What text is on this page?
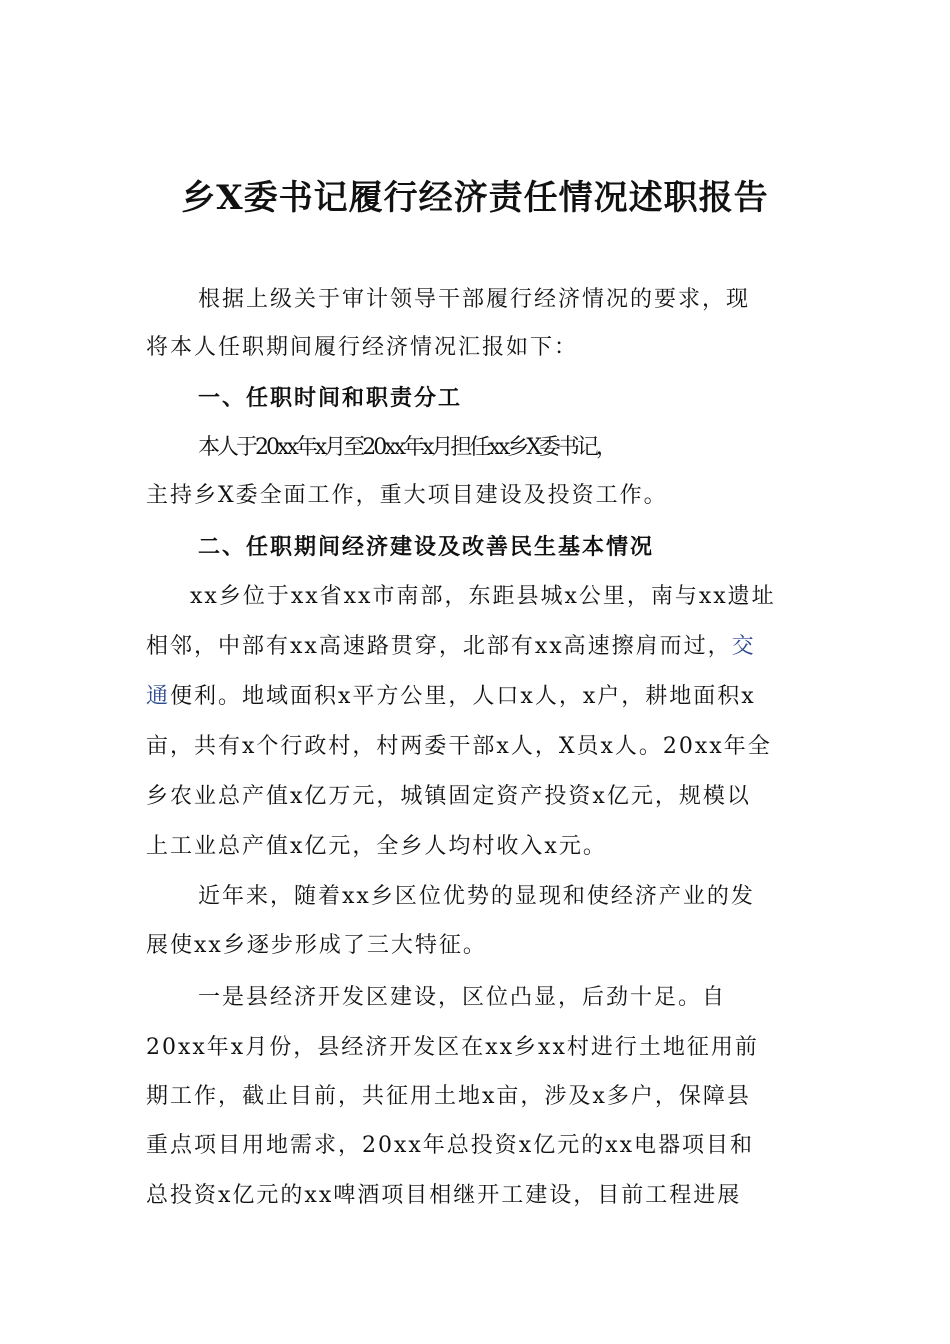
乡X委书记履行经济责任情况述职报告
根据上级关于审计领导干部履行经济情况的要求，现
将本人任职期间履行经济情况汇报如下：
一、任职时间和职责分工
本人于20xx年x月至20xx年x月担任xx乡X委书记，
主持乡X委全面工作，重大项目建设及投资工作。
二、任职期间经济建设及改善民生基本情况
xx乡位于xx省xx市南部，东距县城x公里，南与xx遗址
相邻，中部有xx高速路贯穿，北部有xx高速擦肩而过，交
通便利。地域面积x平方公里，人口x人，x户，耕地面积x
亩，共有x个行政村，村两委干部x人，X员x人。20xx年全
乡农业总产值x亿万元，城镇固定资产投资x亿元，规模以
上工业总产值x亿元，全乡人均村收入x元。
近年来，随着xx乡区位优势的显现和使经济产业的发
展使xx乡逐步形成了三大特征。
一是县经济开发区建设，区位凸显，后劲十足。自
20xx年x月份，县经济开发区在xx乡xx村进行土地征用前
期工作，截止目前，共征用土地x亩，涉及x多户，保障县
重点项目用地需求，20xx年总投资x亿元的xx电器项目和
总投资x亿元的xx啤酒项目相继开工建设，目前工程进展
